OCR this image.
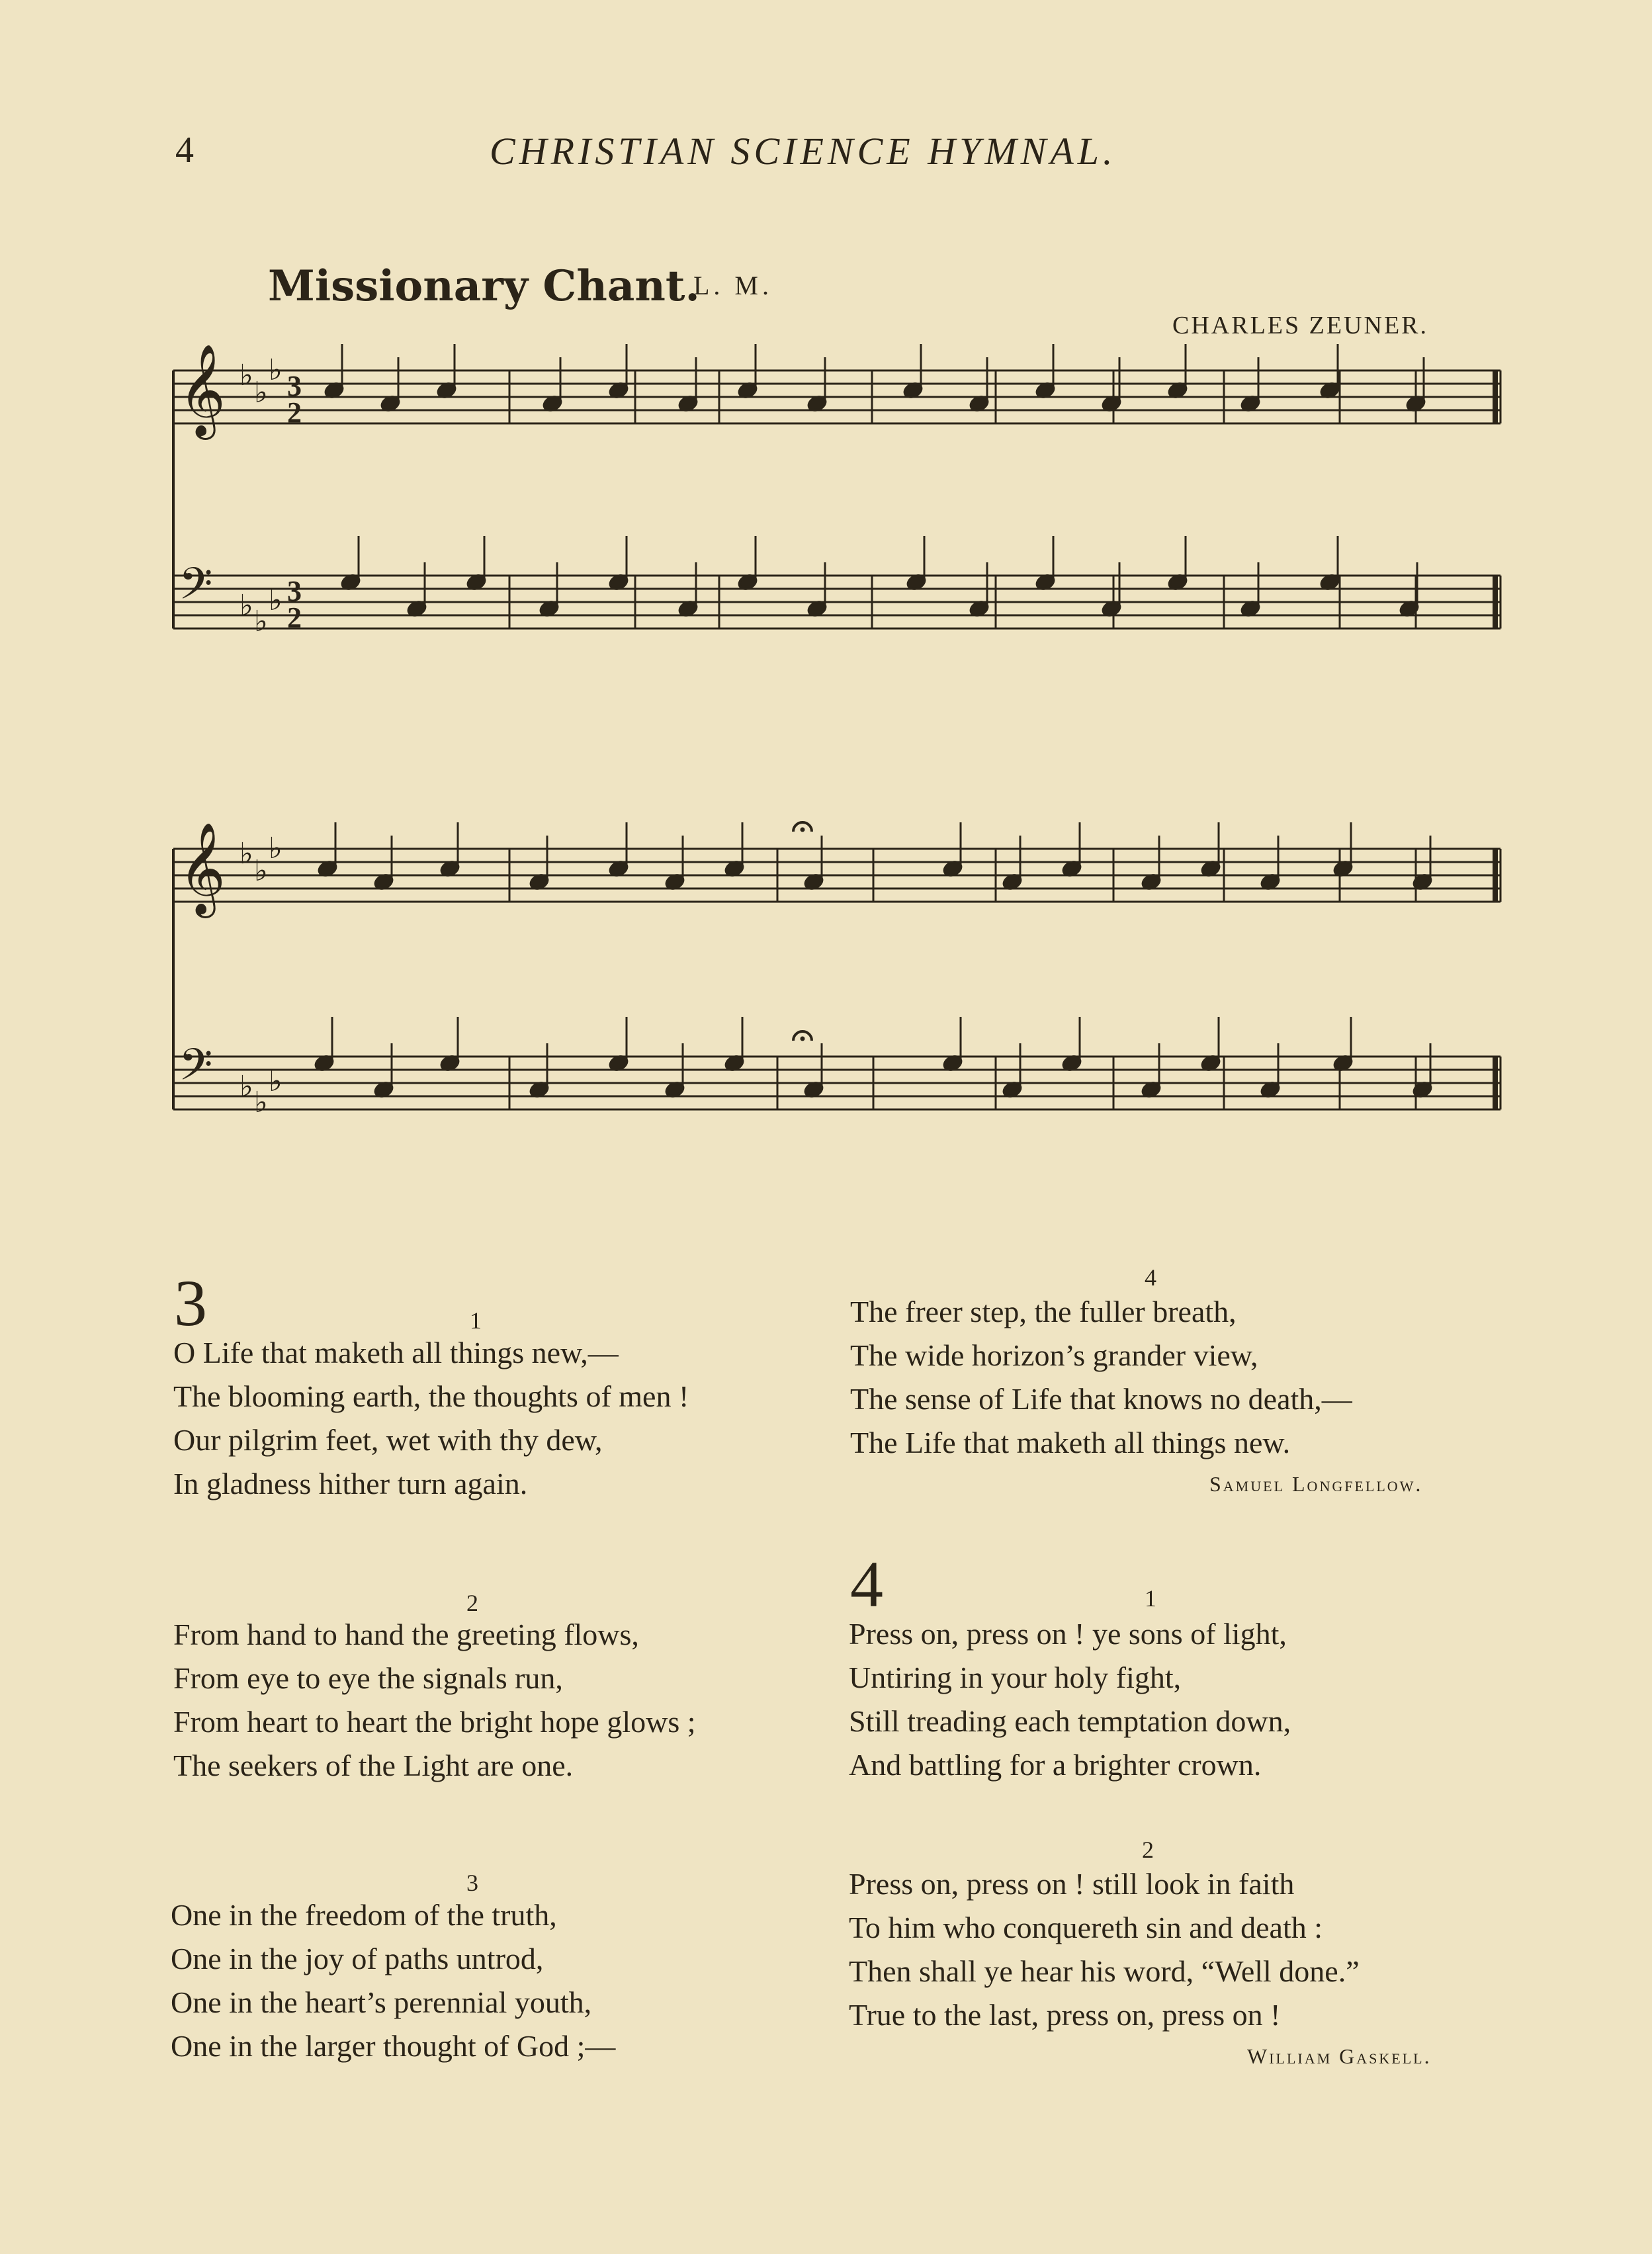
4	CHRISTIAN SCIENCE HYMNAL.
Missionary Chant.
L. M.
CHARLES ZEUNER.
𝄞 ♭
♭
♭ 3
2
𝄢 ♭ ♭
♭ 3
2
𝄞 ♭
♭
♭
𝄢 ♭ ♭
♭
3	1
O Life that maketh all things new,—
The blooming earth, the thoughts of men !
Our pilgrim feet, wet with thy dew,
In gladness hither turn again.
2
From hand to hand the greeting flows,
From eye to eye the signals run,
From heart to heart the bright hope glows ;
The seekers of the Light are one.
3
One in the freedom of the truth,
One in the joy of paths untrod,
One in the heart’s perennial youth,
One in the larger thought of God ;—
4
The freer step, the fuller breath,
The wide horizon’s grander view,
The sense of Life that knows no death,—
The Life that maketh all things new.
Samuel Longfellow.
4	1
Press on, press on ! ye sons of light,
Untiring in your holy fight,
Still treading each temptation down,
And battling for a brighter crown.
2
Press on, press on ! still look in faith
To him who conquereth sin and death :
Then shall ye hear his word, “Well done.”
True to the last, press on, press on !
William Gaskell.
